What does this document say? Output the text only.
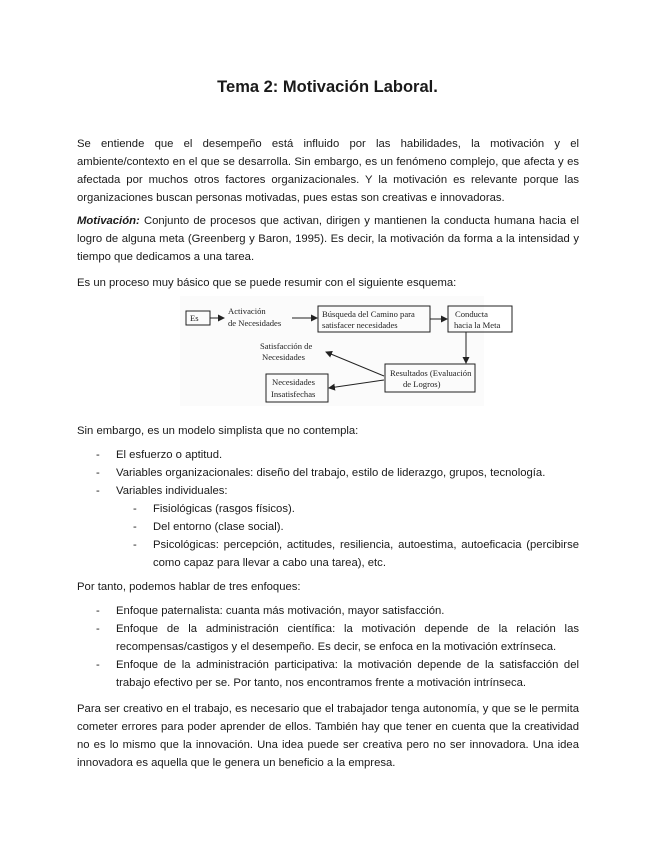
Tema 2: Motivación Laboral.

Se entiende que el desempeño está influido por las habilidades, la motivación y el ambiente/contexto en el que se desarrolla. Sin embargo, es un fenómeno complejo, que afecta y es afectada por muchos otros factores organizacionales. Y la motivación es relevante porque las organizaciones buscan personas motivadas, pues estas son creativas e innovadoras.

Motivación: Conjunto de procesos que activan, dirigen y mantienen la conducta humana hacia el logro de alguna meta (Greenberg y Baron, 1995). Es decir, la motivación da forma a la intensidad y tiempo que dedicamos a una tarea.

Es un proceso muy básico que se puede resumir con el siguiente esquema:

Es
Activación
de Necesidades
Búsqueda del Camino para
satisfacer necesidades
Conducta
hacia la Meta
Satisfacción de
Necesidades
Resultados (Evaluación
de Logros)
Necesidades
Insatisfechas

Sin embargo, es un modelo simplista que no contempla:

- El esfuerzo o aptitud.
- Variables organizacionales: diseño del trabajo, estilo de liderazgo, grupos, tecnología.
- Variables individuales:
- Fisiológicas (rasgos físicos).
- Del entorno (clase social).
- Psicológicas: percepción, actitudes, resiliencia, autoestima, autoeficacia (percibirse como capaz para llevar a cabo una tarea), etc.

Por tanto, podemos hablar de tres enfoques:

- Enfoque paternalista: cuanta más motivación, mayor satisfacción.
- Enfoque de la administración científica: la motivación depende de la relación las recompensas/castigos y el desempeño. Es decir, se enfoca en la motivación extrínseca.
- Enfoque de la administración participativa: la motivación depende de la satisfacción del trabajo efectivo per se. Por tanto, nos encontramos frente a motivación intrínseca.

Para ser creativo en el trabajo, es necesario que el trabajador tenga autonomía, y que se le permita cometer errores para poder aprender de ellos. También hay que tener en cuenta que la creatividad no es lo mismo que la innovación. Una idea puede ser creativa pero no ser innovadora. Una idea innovadora es aquella que le genera un beneficio a la empresa.
